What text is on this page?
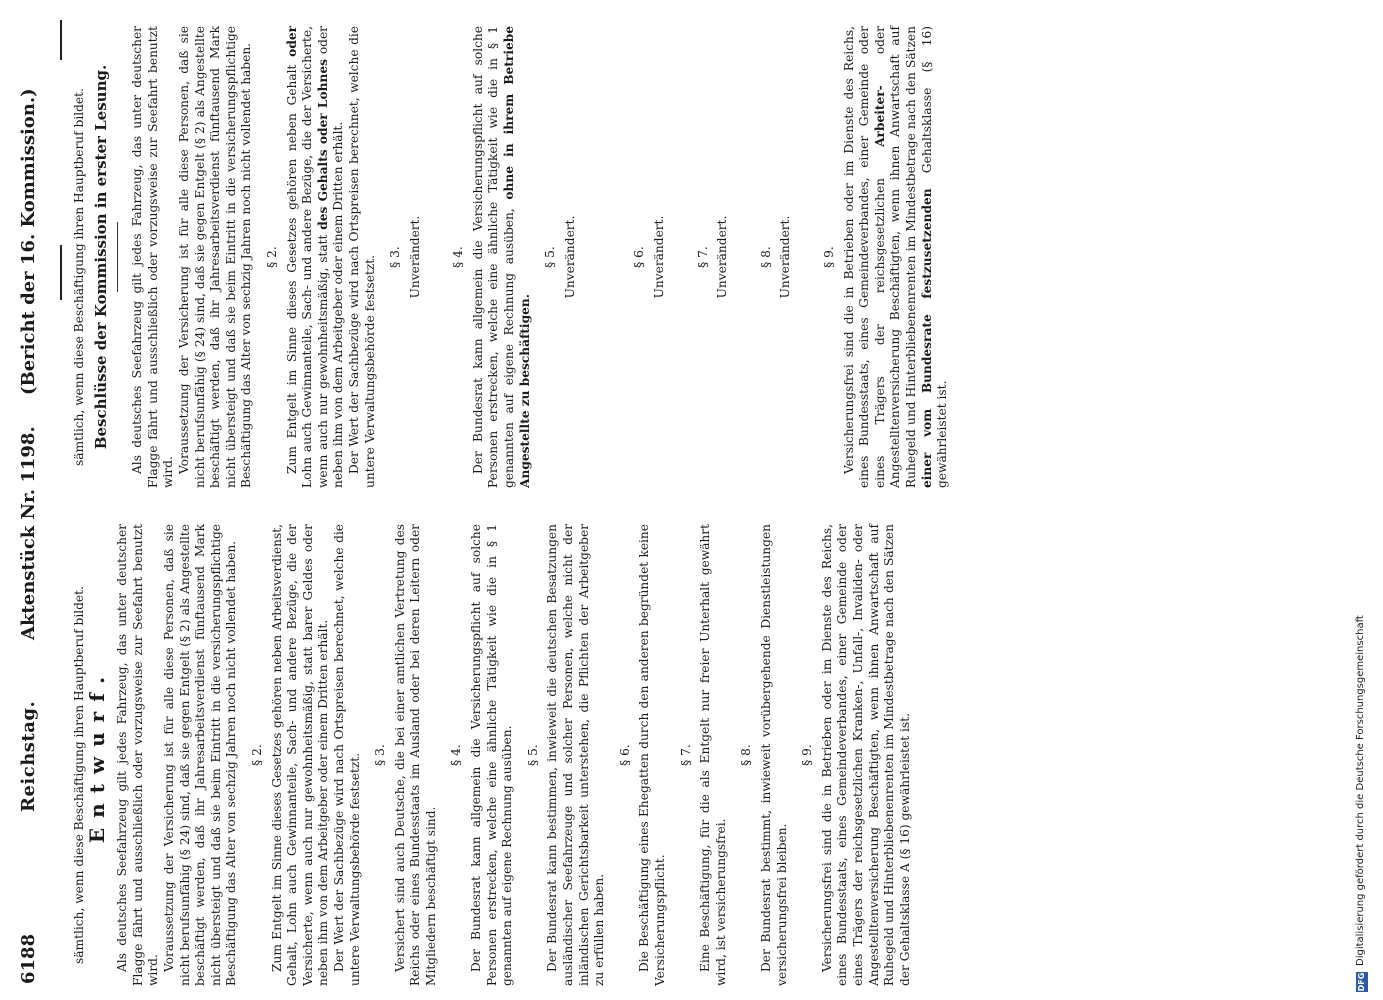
6188
Reichstag.
Aktenstück Nr. 1198.
(Bericht der 16. Kommission.)

sämtlich, wenn diese Beschäftigung ihren Hauptberuf bildet.

Entwurf. Als deutsches Seefahrzeug gilt jedes Fahrzeug, das unter deutscher Flagge fährt und ausschließlich oder vorzugsweise zur Seefahrt benutzt wird. Voraussetzung der Versicherung ist für alle diese Personen, daß sie nicht berufsunfähig (§ 24) sind, daß sie gegen Entgelt (§ 2) als Angestellte beschäftigt werden, daß ihr Jahresarbeitsverdienst fünftausend Mark nicht übersteigt und daß sie beim Eintritt in die versicherungspflichtige Beschäftigung das Alter von sechzig Jahren noch nicht vollendet haben. § 2. Zum Entgelt im Sinne dieses Gesetzes gehören neben Arbeitsverdienst, Gehalt, Lohn auch Gewinnanteile, Sach- und andere Bezüge, die der Versicherte, wenn auch nur gewohnheitsmäßig, statt barer Geldes oder neben ihm von dem Arbeitgeber oder einem Dritten erhält. Der Wert der Sachbezüge wird nach Ortspreisen berechnet, welche die untere Verwaltungsbehörde festsetzt. § 3. Versichert sind auch Deutsche, die bei einer amtlichen Vertretung des Reichs oder eines Bundesstaats im Ausland oder bei deren Leitern oder Mitgliedern beschäftigt sind.

§ 4. Der Bundesrat kann allgemein die Versicherungspflicht auf solche Personen erstrecken, welche eine ähnliche Tätigkeit wie die in § 1 genannten auf eigene Rechnung ausüben. § 5. Der Bundesrat kann bestimmen, inwieweit die deutschen Besatzungen ausländischer Seefahrzeuge und solcher Personen, welche nicht der inländischen Gerichtsbarkeit unterstehen, die Pflichten der Arbeitgeber zu erfüllen haben.

§ 6. Die Beschäftigung eines Ehegatten durch den anderen begründet keine Versicherungspflicht.

§ 7. Eine Beschäftigung, für die als Entgelt nur freier Unterhalt gewährt wird, ist versicherungsfrei.

§ 8. Der Bundesrat bestimmt, inwieweit vorübergehende Dienstleistungen versicherungsfrei bleiben.

§ 9. Versicherungsfrei sind die in Betrieben oder im Dienste des Reichs, eines Bundesstaats, eines Gemeindeverbandes, einer Gemeinde oder eines Trägers der reichsgesetzlichen Kranken-, Unfall-, Invaliden- oder Angestelltenversicherung Beschäftigten, wenn ihnen Anwartschaft auf Ruhegeld und Hinterbliebenenrenten im Mindestbetrage nach den Sätzen der Gehaltsklasse A (§ 16) gewährleistet ist.

sämtlich, wenn diese Beschäftigung ihren Hauptberuf bildet. Beschlüsse der Kommission in erster Lesung. Als deutsches Seefahrzeug gilt jedes Fahrzeug, das unter deutscher Flagge fährt und ausschließlich oder vorzugsweise zur Seefahrt benutzt wird. Voraussetzung der Versicherung ist für alle diese Personen, daß sie nicht berufsunfähig (§ 24) sind, daß sie gegen Entgelt (§ 2) als Angestellte beschäftigt werden, daß ihr Jahresarbeitsverdienst fünftausend Mark nicht übersteigt und daß sie beim Eintritt in die versicherungspflichtige Beschäftigung das Alter von sechzig Jahren noch nicht vollendet haben. § 2. Zum Entgelt im Sinne dieses Gesetzes gehören neben Gehalt oder Lohn auch Gewinnanteile, Sach- und andere Bezüge, die der Versicherte, wenn auch nur gewohnheitsmäßig, statt des Gehalts oder Lohnes oder neben ihm von dem Arbeitgeber oder einem Dritten erhält. Der Wert der Sachbezüge wird nach Ortspreisen berechnet, welche die untere Verwaltungsbehörde festsetzt. § 3. Unverändert. § 4. Der Bundesrat kann allgemein die Versicherungspflicht auf solche Personen erstrecken, welche eine ähnliche Tätigkeit wie die in § 1 genannten auf eigene Rechnung ausüben, ohne in ihrem Betriebe Angestellte zu beschäftigen.

§ 5. Unverändert.	§ 6. Unverändert. § 7. Unverändert. § 8. Unverändert. § 9. Versicherungsfrei sind die in Betrieben oder im Dienste des Reichs, eines Bundesstaats, eines Gemeindeverbandes, einer Gemeinde oder eines Trägers der reichsgesetzlichen Arbeiter- oder Angestelltenversicherung Beschäftigten, wenn ihnen Anwartschaft auf Ruhegeld und Hinterbliebenenrenten im Mindestbetrage nach den Sätzen einer vom Bundesrate festzusetzenden Gehaltsklasse (§ 16) gewährleistet ist.

DFG
Digitalisierung gefördert durch die Deutsche Forschungsgemeinschaft
